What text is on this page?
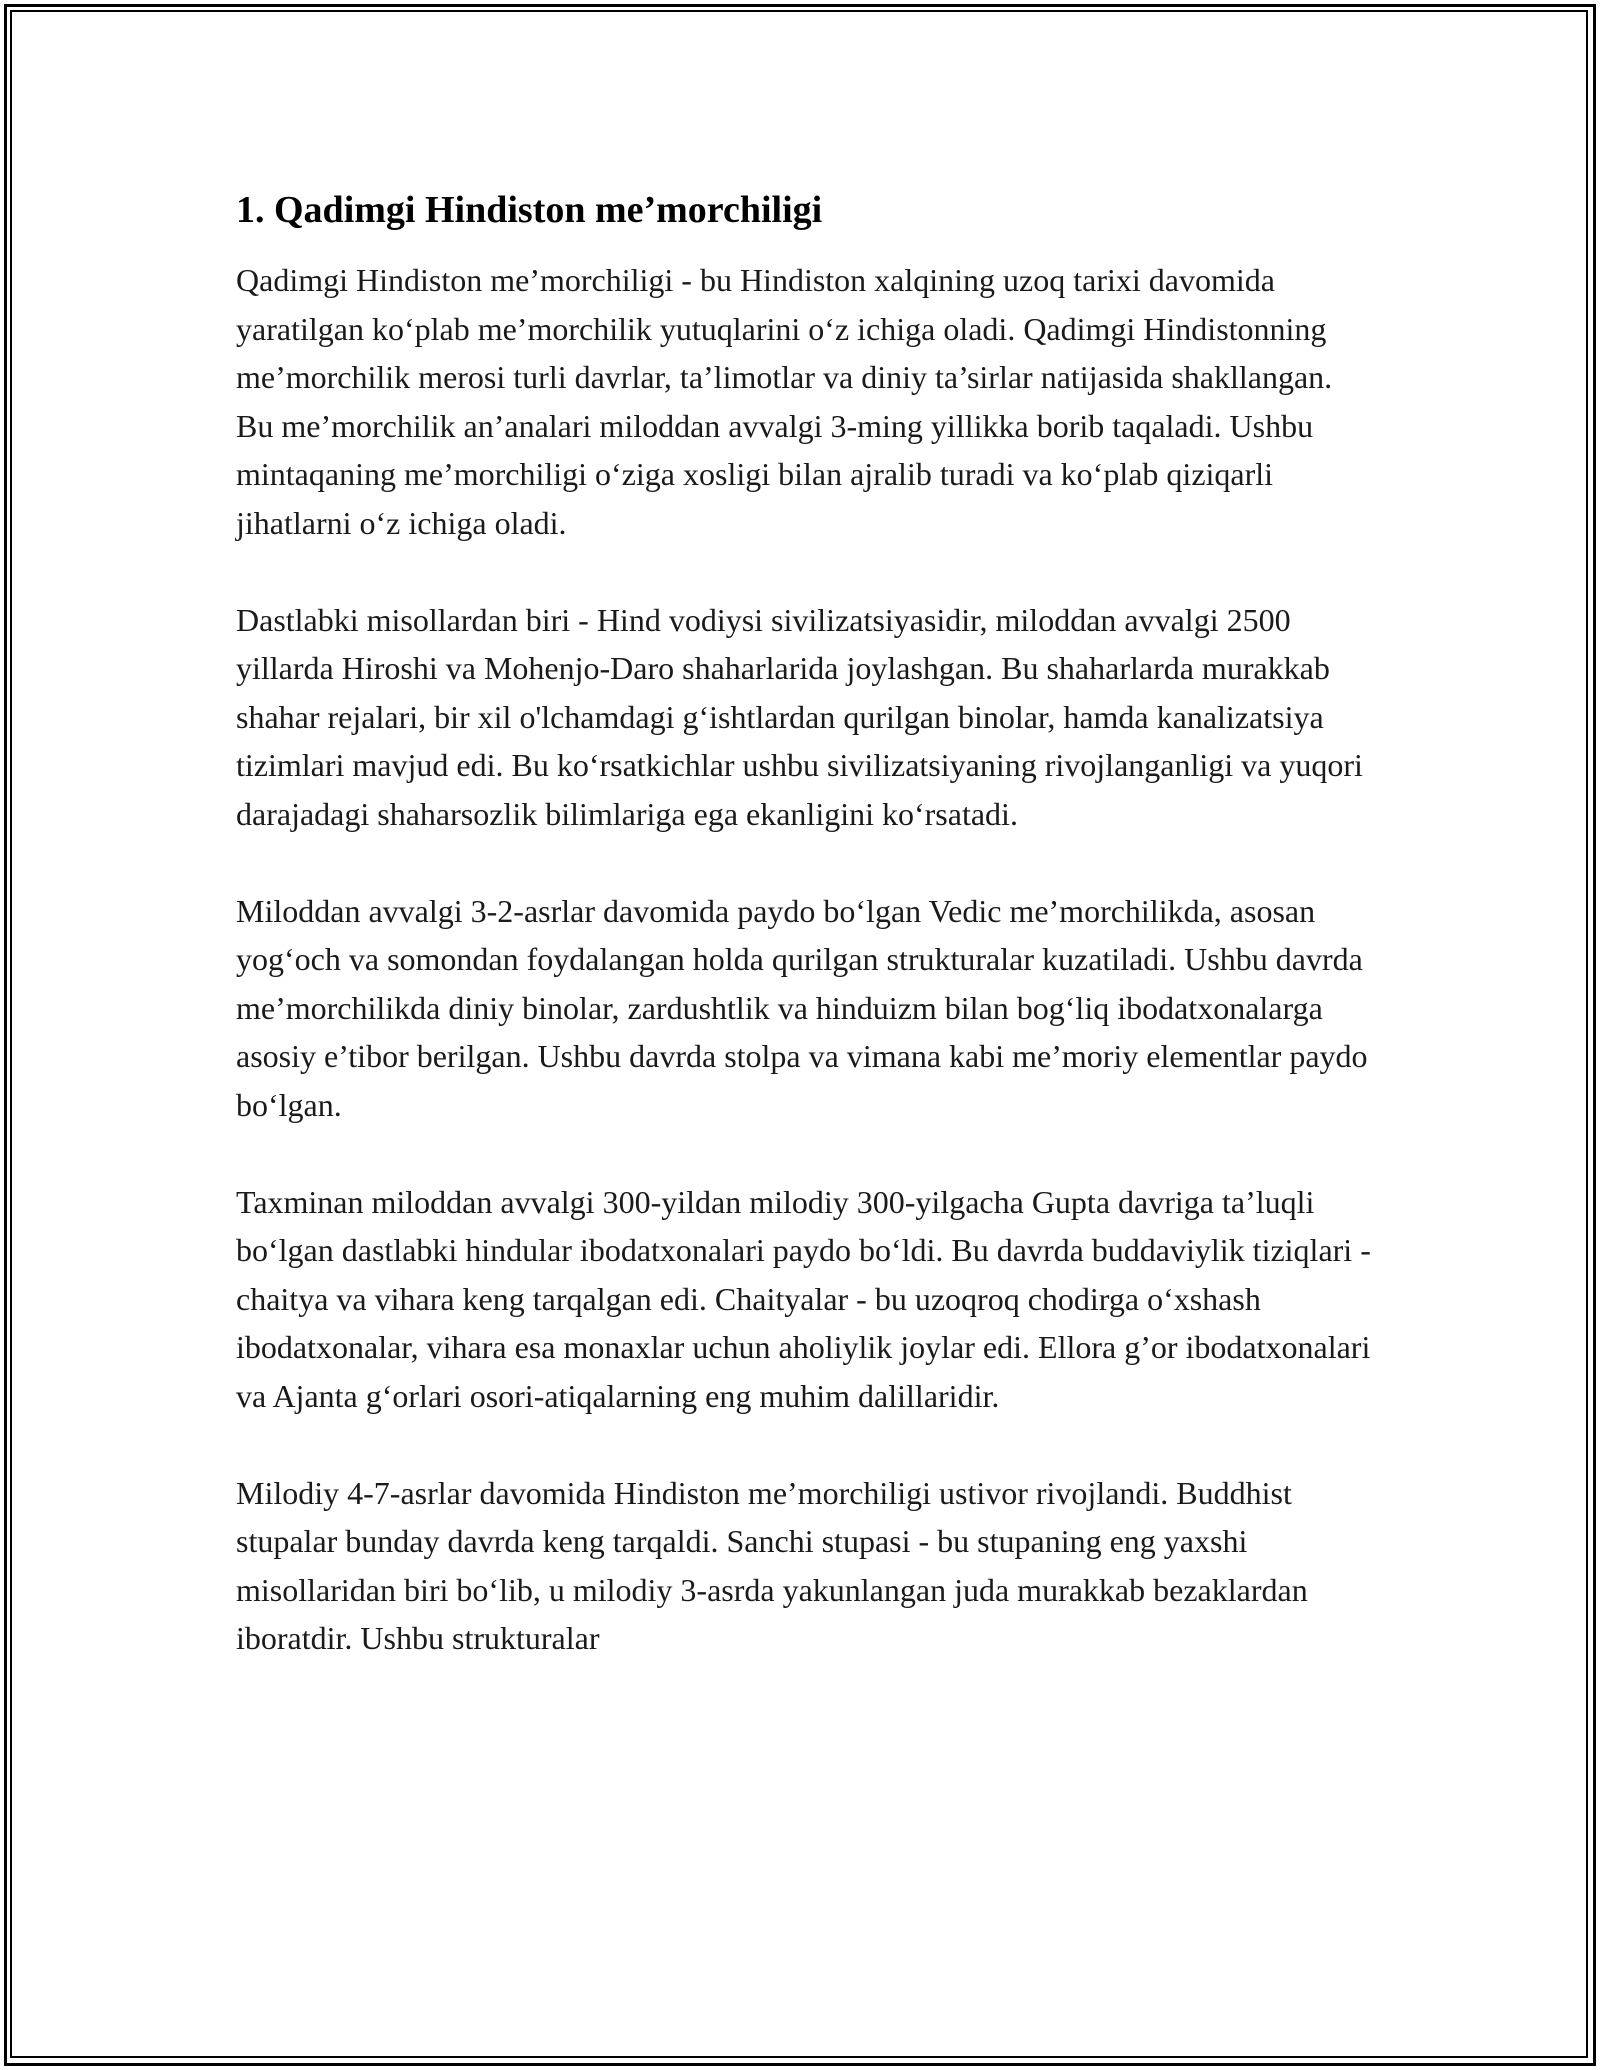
1. Qadimgi Hindiston me’morchiligi

Qadimgi Hindiston me’morchiligi - bu Hindiston xalqining uzoq tarixi davomida yaratilgan ko‘plab me’morchilik yutuqlarini o‘z ichiga oladi. Qadimgi Hindistonning me’morchilik merosi turli davrlar, ta’limotlar va diniy ta’sirlar natijasida shakllangan. Bu me’morchilik an’analari miloddan avvalgi 3-ming yillikka borib taqaladi. Ushbu mintaqaning me’morchiligi o‘ziga xosligi bilan ajralib turadi va ko‘plab qiziqarli jihatlarni o‘z ichiga oladi.

Dastlabki misollardan biri - Hind vodiysi sivilizatsiyasidir, miloddan avvalgi 2500 yillarda Hiroshi va Mohenjo-Daro shaharlarida joylashgan. Bu shaharlarda murakkab shahar rejalari, bir xil o'lchamdagi g‘ishtlardan qurilgan binolar, hamda kanalizatsiya tizimlari mavjud edi. Bu ko‘rsatkichlar ushbu sivilizatsiyaning rivojlanganligi va yuqori darajadagi shaharsozlik bilimlariga ega ekanligini ko‘rsatadi.

Miloddan avvalgi 3-2-asrlar davomida paydo bo‘lgan Vedic me’morchilikda, asosan yog‘och va somondan foydalangan holda qurilgan strukturalar kuzatiladi. Ushbu davrda me’morchilikda diniy binolar, zardushtlik va hinduizm bilan bog‘liq ibodatxonalarga asosiy e’tibor berilgan. Ushbu davrda stolpa va vimana kabi me’moriy elementlar paydo bo‘lgan.

Taxminan miloddan avvalgi 300-yildan milodiy 300-yilgacha Gupta davriga ta’luqli bo‘lgan dastlabki hindular ibodatxonalari paydo bo‘ldi. Bu davrda buddaviylik tiziqlari - chaitya va vihara keng tarqalgan edi. Chaityalar - bu uzoqroq chodirga o‘xshash ibodatxonalar, vihara esa monaxlar uchun aholiylik joylar edi. Ellora g’or ibodatxonalari va Ajanta g‘orlari osori-atiqalarning eng muhim dalillaridir.

Milodiy 4-7-asrlar davomida Hindiston me’morchiligi ustivor rivojlandi. Buddhist stupalar bunday davrda keng tarqaldi. Sanchi stupasi - bu stupaning eng yaxshi misollaridan biri bo‘lib, u milodiy 3-asrda yakunlangan juda murakkab bezaklardan iboratdir. Ushbu strukturalar
